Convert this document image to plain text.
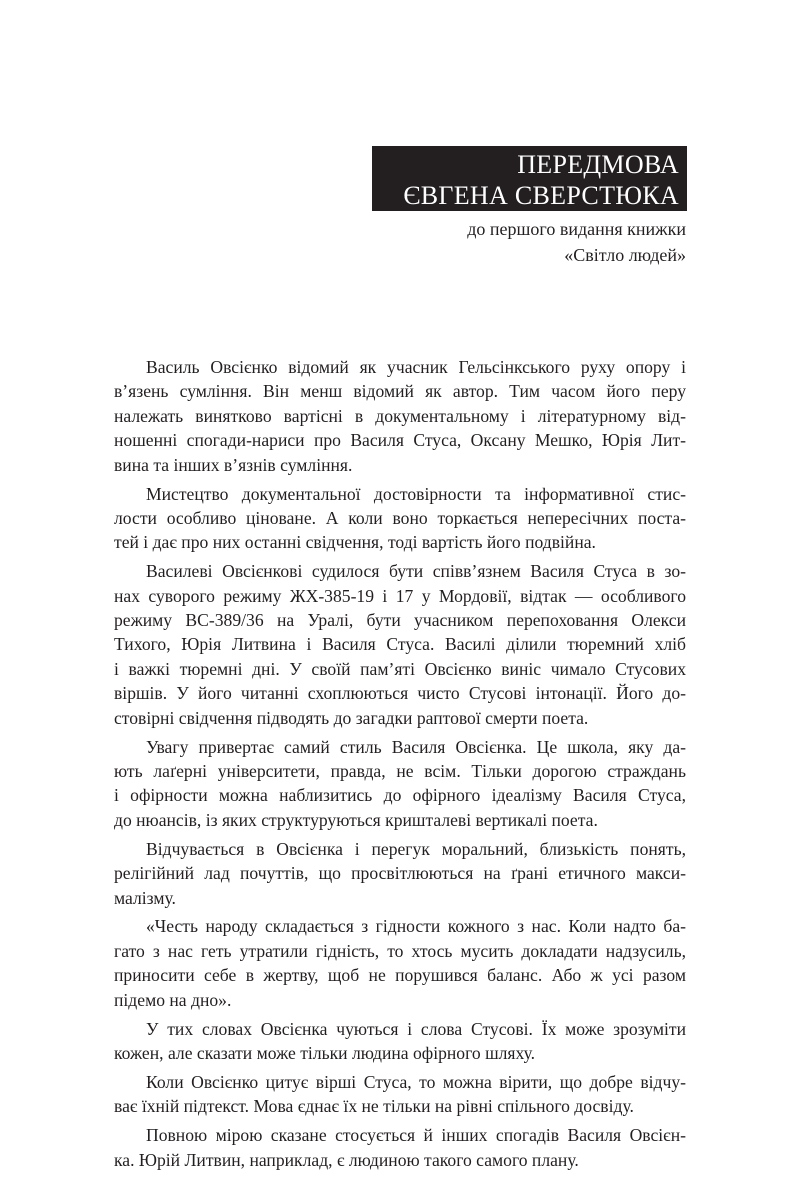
ПЕРЕДМОВА
ЄВГЕНА СВЕРСТЮКА
до першого видання книжки
«Світло людей»
Василь Овсієнко відомий як учасник Гельсінкського руху опору і
в’язень сумління. Він менш відомий як автор. Тим часом його перу
належать винятково вартісні в документальному і літературному від-
ношенні спогади-нариси про Василя Стуса, Оксану Мешко, Юрія Лит-
вина та інших в’язнів сумління.
Мистецтво документальної достовірности та інформативної стис-
лости особливо ціноване. А коли воно торкається непересічних поста-
тей і дає про них останні свідчення, тоді вартість його подвійна.
Василеві Овсієнкові судилося бути співв’язнем Василя Стуса в зо-
нах суворого режиму ЖХ-385-19 і 17 у Мордовії, відтак — особливого
режиму ВС-389/36 на Уралі, бути учасником перепоховання Олекси
Тихого, Юрія Литвина і Василя Стуса. Василі ділили тюремний хліб
і важкі тюремні дні. У своїй пам’яті Овсієнко виніс чимало Стусових
віршів. У його читанні схоплюються чисто Стусові інтонації. Його до-
стовірні свідчення підводять до загадки раптової смерти поета.
Увагу привертає самий стиль Василя Овсієнка. Це школа, яку да-
ють лаґерні університети, правда, не всім. Тільки дорогою страждань
і офірности можна наблизитись до офірного ідеалізму Василя Стуса,
до нюансів, із яких структуруються кришталеві вертикалі поета.
Відчувається в Овсієнка і перегук моральний, близькість понять,
релігійний лад почуттів, що просвітлюються на ґрані етичного макси-
малізму.
«Честь народу складається з гідности кожного з нас. Коли надто ба-
гато з нас геть утратили гідність, то хтось мусить докладати надзусиль,
приносити себе в жертву, щоб не порушився баланс. Або ж усі разом
підемо на дно».
У тих словах Овсієнка чуються і слова Стусові. Їх може зрозуміти
кожен, але сказати може тільки людина офірного шляху.
Коли Овсієнко цитує вірші Стуса, то можна вірити, що добре відчу-
ває їхній підтекст. Мова єднає їх не тільки на рівні спільного досвіду.
Повною мірою сказане стосується й інших спогадів Василя Овсієн-
ка. Юрій Литвин, наприклад, є людиною такого самого плану.
